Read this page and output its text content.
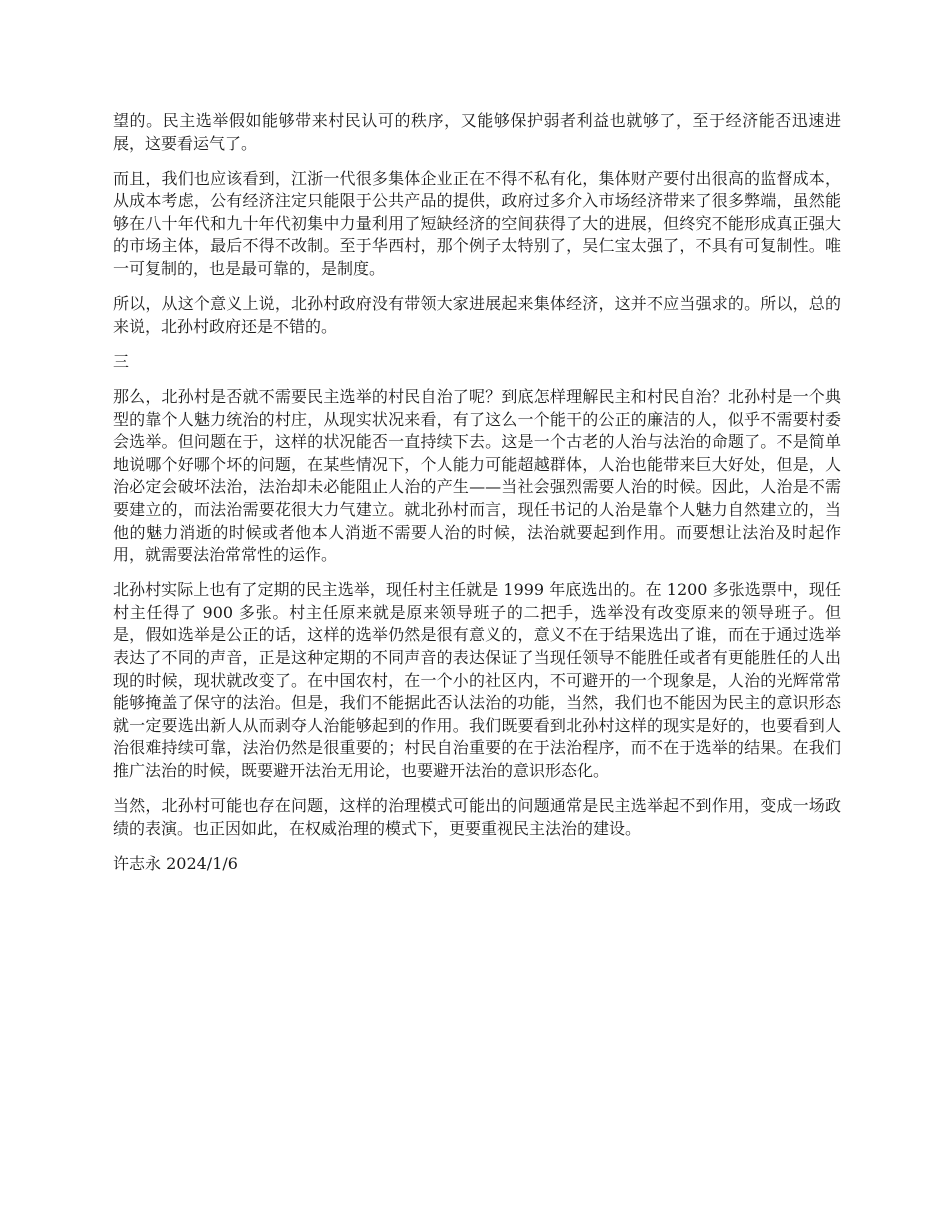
望的。民主选举假如能够带来村民认可的秩序，又能够保护弱者利益也就够了，至于经济能否迅速进展，这要看运气了。

而且，我们也应该看到，江浙一代很多集体企业正在不得不私有化，集体财产要付出很高的监督成本，从成本考虑，公有经济注定只能限于公共产品的提供，政府过多介入市场经济带来了很多弊端，虽然能够在八十年代和九十年代初集中力量利用了短缺经济的空间获得了大的进展，但终究不能形成真正强大的市场主体，最后不得不改制。至于华西村，那个例子太特别了，吴仁宝太强了，不具有可复制性。唯一可复制的，也是最可靠的，是制度。

所以，从这个意义上说，北孙村政府没有带领大家进展起来集体经济，这并不应当强求的。所以，总的来说，北孙村政府还是不错的。

三

那么，北孙村是否就不需要民主选举的村民自治了呢？到底怎样理解民主和村民自治？北孙村是一个典型的靠个人魅力统治的村庄，从现实状况来看，有了这么一个能干的公正的廉洁的人，似乎不需要村委会选举。但问题在于，这样的状况能否一直持续下去。这是一个古老的人治与法治的命题了。不是简单地说哪个好哪个坏的问题，在某些情况下，个人能力可能超越群体，人治也能带来巨大好处，但是，人治必定会破坏法治，法治却未必能阻止人治的产生——当社会强烈需要人治的时候。因此，人治是不需要建立的，而法治需要花很大力气建立。就北孙村而言，现任书记的人治是靠个人魅力自然建立的，当他的魅力消逝的时候或者他本人消逝不需要人治的时候，法治就要起到作用。而要想让法治及时起作用，就需要法治常常性的运作。

北孙村实际上也有了定期的民主选举，现任村主任就是 1999 年底选出的。在 1200 多张选票中，现任村主任得了 900 多张。村主任原来就是原来领导班子的二把手，选举没有改变原来的领导班子。但是，假如选举是公正的话，这样的选举仍然是很有意义的，意义不在于结果选出了谁，而在于通过选举表达了不同的声音，正是这种定期的不同声音的表达保证了当现任领导不能胜任或者有更能胜任的人出现的时候，现状就改变了。在中国农村，在一个小的社区内，不可避开的一个现象是，人治的光辉常常能够掩盖了保守的法治。但是，我们不能据此否认法治的功能，当然，我们也不能因为民主的意识形态就一定要选出新人从而剥夺人治能够起到的作用。我们既要看到北孙村这样的现实是好的，也要看到人治很难持续可靠，法治仍然是很重要的；村民自治重要的在于法治程序，而不在于选举的结果。在我们推广法治的时候，既要避开法治无用论，也要避开法治的意识形态化。

当然，北孙村可能也存在问题，这样的治理模式可能出的问题通常是民主选举起不到作用，变成一场政绩的表演。也正因如此，在权威治理的模式下，更要重视民主法治的建设。

许志永 2024/1/6
